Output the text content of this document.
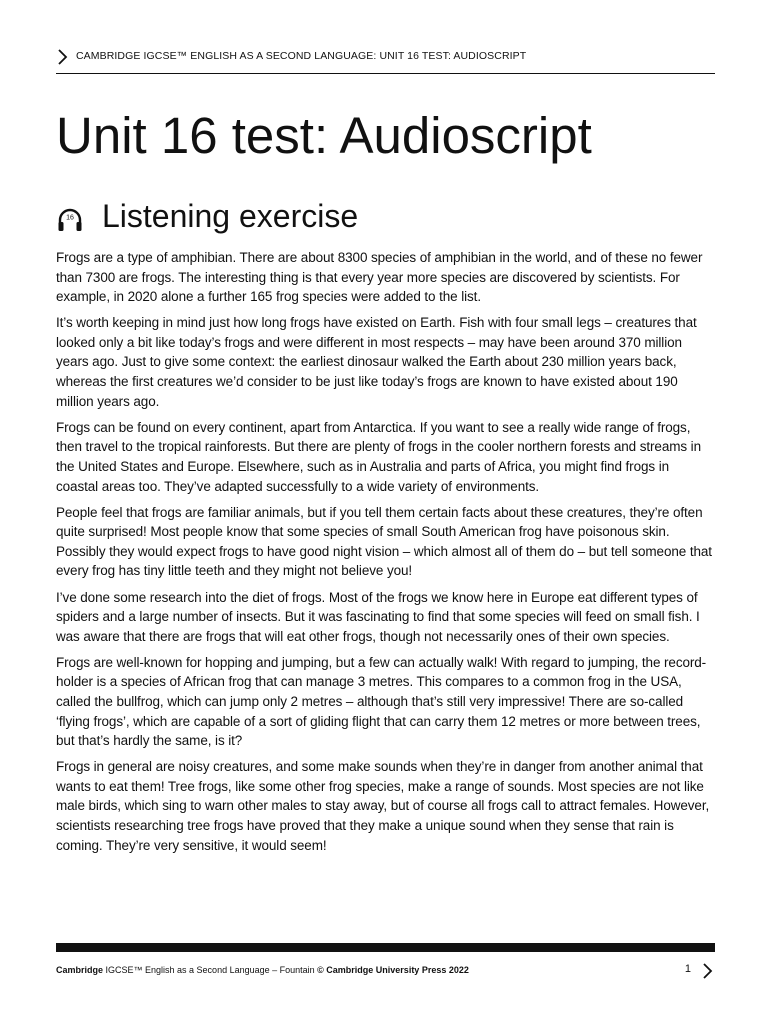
CAMBRIDGE IGCSE™ ENGLISH AS A SECOND LANGUAGE: UNIT 16 TEST: AUDIOSCRIPT
Unit 16 test: Audioscript
16 Listening exercise

Frogs are a type of amphibian. There are about 8300 species of amphibian in the world, and of these no fewer than 7300 are frogs. The interesting thing is that every year more species are discovered by scientists. For example, in 2020 alone a further 165 frog species were added to the list.

It’s worth keeping in mind just how long frogs have existed on Earth. Fish with four small legs – creatures that looked only a bit like today’s frogs and were different in most respects – may have been around 370 million years ago. Just to give some context: the earliest dinosaur walked the Earth about 230 million years back, whereas the first creatures we’d consider to be just like today’s frogs are known to have existed about 190 million years ago.

Frogs can be found on every continent, apart from Antarctica. If you want to see a really wide range of frogs, then travel to the tropical rainforests. But there are plenty of frogs in the cooler northern forests and streams in the United States and Europe. Elsewhere, such as in Australia and parts of Africa, you might find frogs in coastal areas too. They’ve adapted successfully to a wide variety of environments.

People feel that frogs are familiar animals, but if you tell them certain facts about these creatures, they’re often quite surprised! Most people know that some species of small South American frog have poisonous skin. Possibly they would expect frogs to have good night vision – which almost all of them do – but tell someone that every frog has tiny little teeth and they might not believe you!

I’ve done some research into the diet of frogs. Most of the frogs we know here in Europe eat different types of spiders and a large number of insects. But it was fascinating to find that some species will feed on small fish. I was aware that there are frogs that will eat other frogs, though not necessarily ones of their own species.

Frogs are well-known for hopping and jumping, but a few can actually walk! With regard to jumping, the record-holder is a species of African frog that can manage 3 metres. This compares to a common frog in the USA, called the bullfrog, which can jump only 2 metres – although that’s still very impressive! There are so-called ‘flying frogs’, which are capable of a sort of gliding flight that can carry them 12 metres or more between trees, but that’s hardly the same, is it?

Frogs in general are noisy creatures, and some make sounds when they’re in danger from another animal that wants to eat them! Tree frogs, like some other frog species, make a range of sounds. Most species are not like male birds, which sing to warn other males to stay away, but of course all frogs call to attract females. However, scientists researching tree frogs have proved that they make a unique sound when they sense that rain is coming. They’re very sensitive, it would seem!

Cambridge IGCSE™ English as a Second Language – Fountain © Cambridge University Press 2022	1
